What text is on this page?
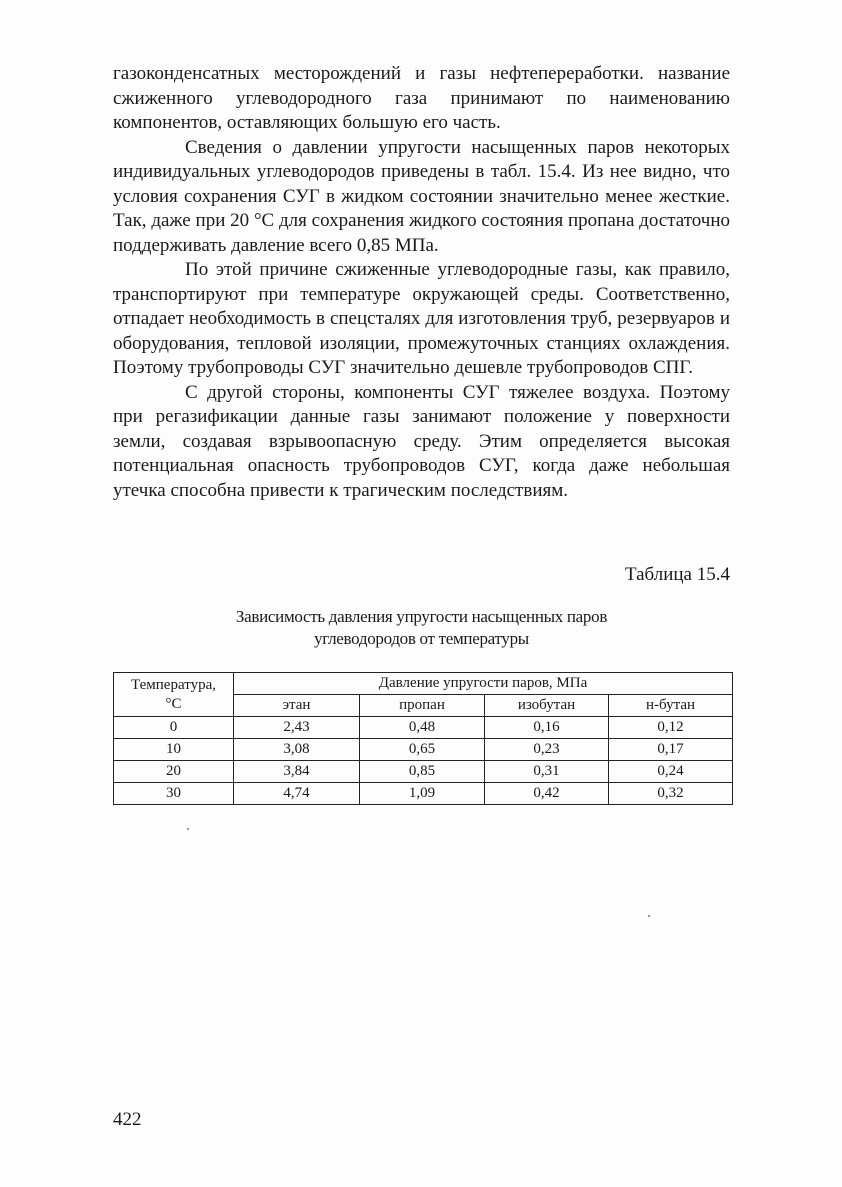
газоконденсатных месторождений и газы нефтепереработки. название сжиженного углеводородного газа принимают по наименованию компонентов, оставляющих большую его часть.

Сведения о давлении упругости насыщенных паров некоторых индивидуальных углеводородов приведены в табл. 15.4. Из нее видно, что условия сохранения СУГ в жидком состоянии значительно менее жесткие. Так, даже при 20 °С для сохранения жидкого состояния пропана достаточно поддерживать давление всего 0,85 МПа.

По этой причине сжиженные углеводородные газы, как правило, транспортируют при температуре окружающей среды. Соответственно, отпадает необходимость в спецсталях для изготовления труб, резервуаров и оборудования, тепловой изоляции, промежуточных станциях охлаждения. Поэтому трубопроводы СУГ значительно дешевле трубопроводов СПГ.

С другой стороны, компоненты СУГ тяжелее воздуха. Поэтому при регазификации данные газы занимают положение у поверхности земли, создавая взрывоопасную среду. Этим определяется высокая потенциальная опасность трубопроводов СУГ, когда даже небольшая утечка способна привести к трагическим последствиям.

Таблица 15.4
Зависимость давления упругости насыщенных паров
углеводородов от температуры
Температура,
°С	Давление упругости паров, МПа			
	этан	пропан	изобутан	н-бутан
0	2,43	0,48	0,16	0,12
10	3,08	0,65	0,23	0,17
20	3,84	0,85	0,31	0,24
30	4,74	1,09	0,42	0,32
422
